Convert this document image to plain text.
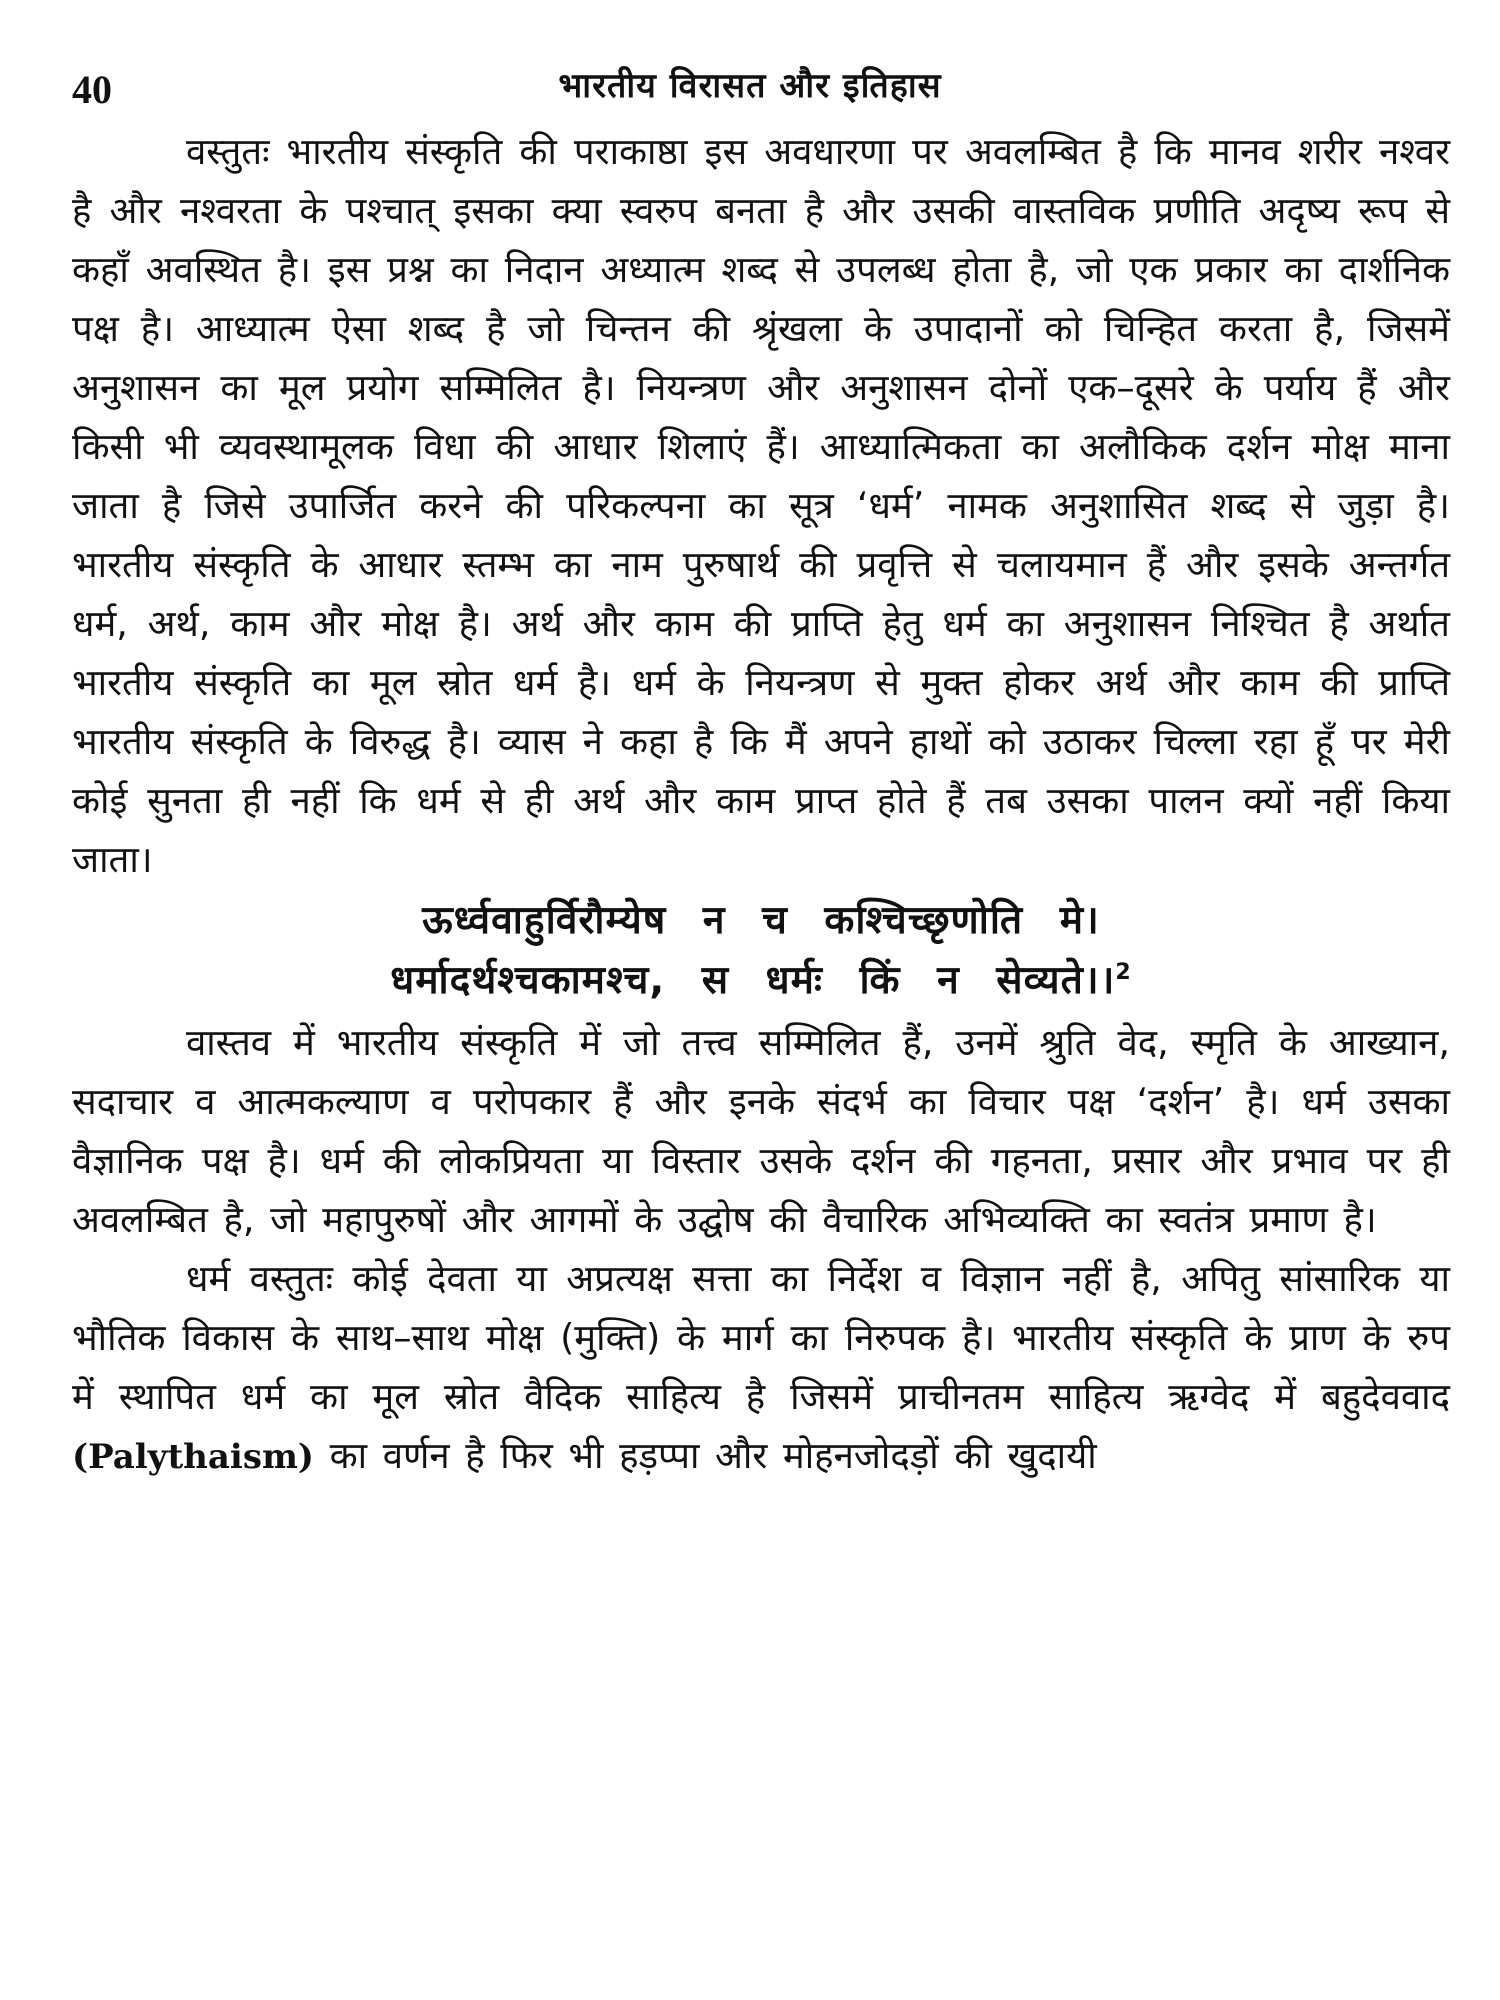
40	भारतीय विरासत और इतिहास

वस्तुतः भारतीय संस्कृति की पराकाष्ठा इस अवधारणा पर अवलम्बित है कि मानव शरीर नश्वर है और नश्वरता के पश्चात् इसका क्या स्वरुप बनता है और उसकी वास्तविक प्रणीति अदृष्य रूप से कहाँ अवस्थित है। इस प्रश्न का निदान अध्यात्म शब्द से उपलब्ध होता है, जो एक प्रकार का दार्शनिक पक्ष है। आध्यात्म ऐसा शब्द है जो चिन्तन की श्रृंखला के उपादानों को चिन्हित करता है, जिसमें अनुशासन का मूल प्रयोग सम्मिलित है। नियन्त्रण और अनुशासन दोनों एक–दूसरे के पर्याय हैं और किसी भी व्यवस्थामूलक विधा की आधार शिलाएं हैं। आध्यात्मिकता का अलौकिक दर्शन मोक्ष माना जाता है जिसे उपार्जित करने की परिकल्पना का सूत्र ‘धर्म’ नामक अनुशासित शब्द से जुड़ा है। भारतीय संस्कृति के आधार स्तम्भ का नाम पुरुषार्थ की प्रवृत्ति से चलायमान हैं और इसके अन्तर्गत धर्म, अर्थ, काम और मोक्ष है। अर्थ और काम की प्राप्ति हेतु धर्म का अनुशासन निश्चित है अर्थात भारतीय संस्कृति का मूल स्रोत धर्म है। धर्म के नियन्त्रण से मुक्त होकर अर्थ और काम की प्राप्ति भारतीय संस्कृति के विरुद्ध है। व्यास ने कहा है कि मैं अपने हाथों को उठाकर चिल्ला रहा हूँ पर मेरी कोई सुनता ही नहीं कि धर्म से ही अर्थ और काम प्राप्त होते हैं तब उसका पालन क्यों नहीं किया जाता।

ऊर्ध्ववाहुर्विरौम्येष न च कश्चिच्छृणोति मे।
धर्मादर्थश्चकामश्च, स धर्मः किं न सेव्यते।।$^2$

वास्तव में भारतीय संस्कृति में जो तत्त्व सम्मिलित हैं, उनमें श्रुति वेद, स्मृति के आख्यान, सदाचार व आत्मकल्याण व परोपकार हैं और इनके संदर्भ का विचार पक्ष ‘दर्शन’ है। धर्म उसका वैज्ञानिक पक्ष है। धर्म की लोकप्रियता या विस्तार उसके दर्शन की गहनता, प्रसार और प्रभाव पर ही अवलम्बित है, जो महापुरुषों और आगमों के उद्घोष की वैचारिक अभिव्यक्ति का स्वतंत्र प्रमाण है।

धर्म वस्तुतः कोई देवता या अप्रत्यक्ष सत्ता का निर्देश व विज्ञान नहीं है, अपितु सांसारिक या भौतिक विकास के साथ–साथ मोक्ष (मुक्ति) के मार्ग का निरुपक है। भारतीय संस्कृति के प्राण के रुप में स्थापित धर्म का मूल स्रोत वैदिक साहित्य है जिसमें प्राचीनतम साहित्य ऋग्वेद में बहुदेववाद (Palythaism) का वर्णन है फिर भी हड़प्पा और मोहनजोदड़ों की खुदायी
